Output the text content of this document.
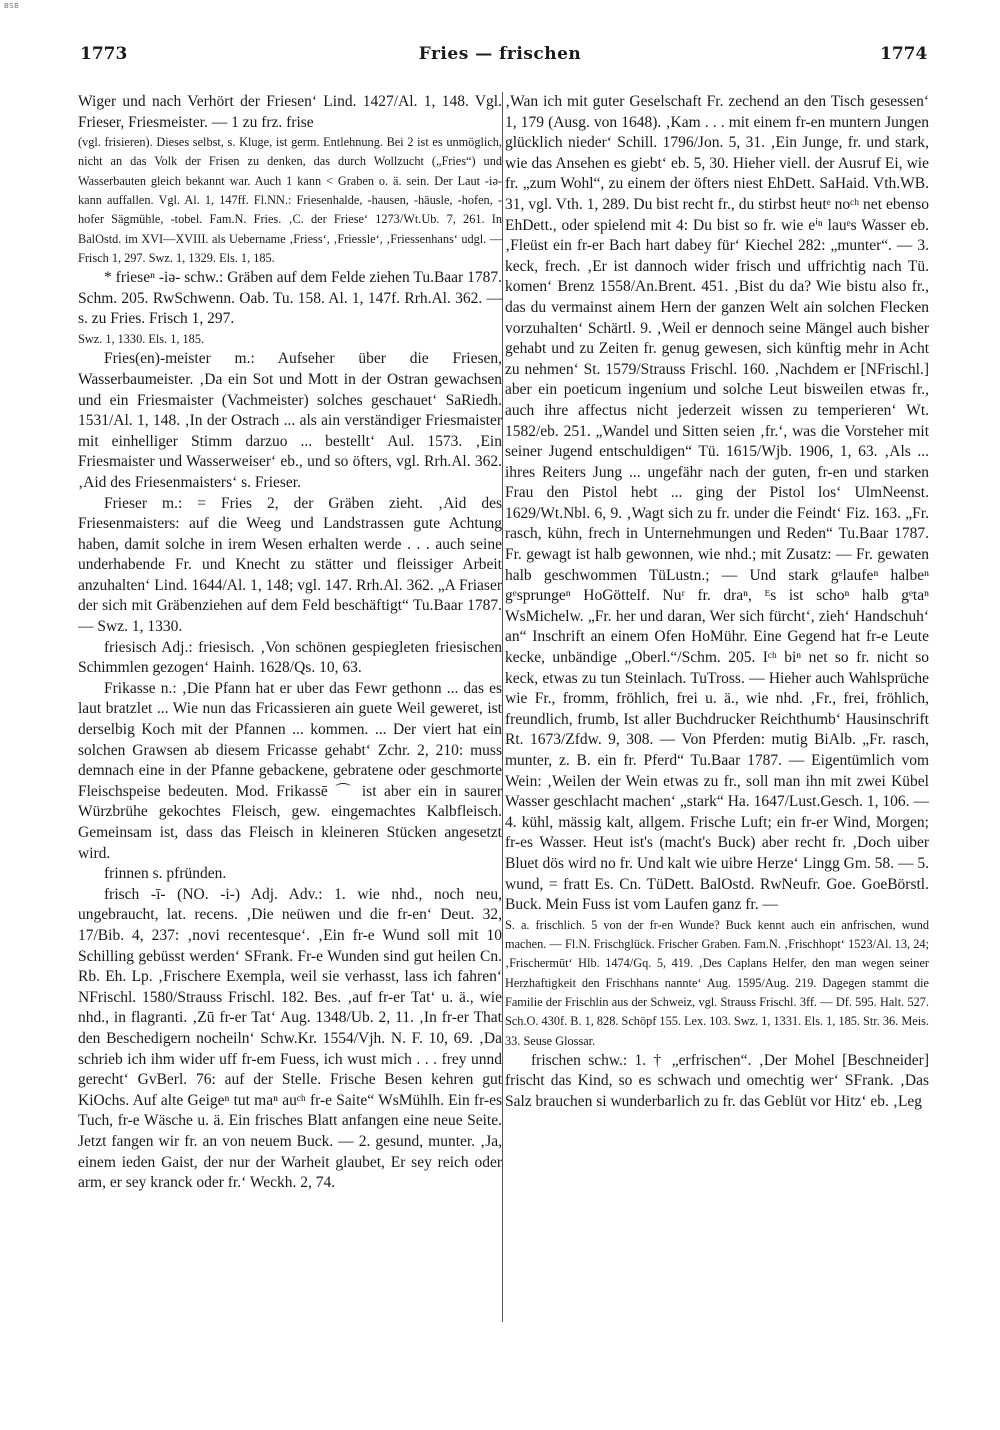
BSB
1773	Fries — frischen	1774

Wiger und nach Verhört der Friesen‘ Lind. 1427/Al. 1, 148. Vgl. Frieser, Friesmeister. — 1 zu frz. frise

(vgl. frisieren). Dieses selbst, s. Kluge, ist germ. Entlehnung. Bei 2 ist es unmöglich, nicht an das Volk der Frisen zu denken, das durch Wollzucht („Fries“) und Wasserbauten gleich bekannt war. Auch 1 kann < Graben o. ä. sein. Der Laut -iə- kann auffallen. Vgl. Al. 1, 147ff. Fl.NN.: Friesenhalde, -hausen, -häusle, -hofen, -hofer Sägmühle, -tobel. Fam.N. Fries. ‚C. der Friese‘ 1273/Wt.Ub. 7, 261. In BalOstd. im XVI—XVIII. als Uebername ‚Friess‘, ‚Friessle‘, ‚Friessenhans‘ udgl. — Frisch 1, 297. Swz. 1, 1329. Els. 1, 185.

* frieseⁿ -iə- schw.: Gräben auf dem Felde ziehen Tu.Baar 1787. Schm. 205. RwSchwenn. Oab. Tu. 158. Al. 1, 147f. Rrh.Al. 362. — s. zu Fries. Frisch 1, 297.

Swz. 1, 1330. Els. 1, 185.

Fries(en)-meister m.: Aufseher über die Friesen, Wasserbaumeister. ‚Da ein Sot und Mott in der Ostran gewachsen und ein Friesmaister (Vachmeister) solches geschauet‘ SaRiedh. 1531/Al. 1, 148. ‚In der Ostrach ... als ain verständiger Friesmaister mit einhelliger Stimm darzuo ... bestellt‘ Aul. 1573. ‚Ein Friesmaister und Wasserweiser‘ eb., und so öfters, vgl. Rrh.Al. 362. ‚Aid des Friesenmaisters‘ s. Frieser.

Frieser m.: = Fries 2, der Gräben zieht. ‚Aid des Friesenmaisters: auf die Weeg und Landstrassen gute Achtung haben, damit solche in irem Wesen erhalten werde . . . auch seine underhabende Fr. und Knecht zu stätter und fleissiger Arbeit anzuhalten‘ Lind. 1644/Al. 1, 148; vgl. 147. Rrh.Al. 362. „A Friaser der sich mit Gräbenziehen auf dem Feld beschäftigt“ Tu.Baar 1787. — Swz. 1, 1330.

friesisch Adj.: friesisch. ‚Von schönen gespiegleten friesischen Schimmlen gezogen‘ Hainh. 1628/Qs. 10, 63.

Frikasse n.: ‚Die Pfann hat er uber das Fewr gethonn ... das es laut bratzlet ... Wie nun das Fricassieren ain guete Weil geweret, ist derselbig Koch mit der Pfannen ... kommen. ... Der viert hat ein solchen Grawsen ab diesem Fricasse gehabt‘ Zchr. 2, 210: muss demnach eine in der Pfanne gebackene, gebratene oder geschmorte Fleischspeise bedeuten. Mod. Frikassē ⌒ ist aber ein in saurer Würzbrühe gekochtes Fleisch, gew. eingemachtes Kalbfleisch. Gemeinsam ist, dass das Fleisch in kleineren Stücken angesetzt wird.

frinnen s. pfründen.

frisch -ī- (NO. -i-) Adj. Adv.: 1. wie nhd., noch neu, ungebraucht, lat. recens. ‚Die neüwen und die fr-en‘ Deut. 32, 17/Bib. 4, 237: ‚novi recentesque‘. ‚Ein fr-e Wund soll mit 10 Schilling gebüsst werden‘ SFrank. Fr-e Wunden sind gut heilen Cn. Rb. Eh. Lp. ‚Frischere Exempla, weil sie verhasst, lass ich fahren‘ NFrischl. 1580/Strauss Frischl. 182. Bes. ‚auf fr-er Tat‘ u. ä., wie nhd., in flagranti. ‚Zū fr-er Tat‘ Aug. 1348/Ub. 2, 11. ‚In fr-er That den Beschedigern nocheiln‘ Schw.Kr. 1554/Vjh. N. F. 10, 69. ‚Da schrieb ich ihm wider uff fr-em Fuess, ich wust mich . . . frey unnd gerecht‘ GvBerl. 76: auf der Stelle. Frische Besen kehren gut KiOchs. Auf alte Geigeⁿ tut maⁿ auᶜʰ fr-e Saite“ WsMühlh. Ein fr-es Tuch, fr-e Wäsche u. ä. Ein frisches Blatt anfangen eine neue Seite. Jetzt fangen wir fr. an von neuem Buck. — 2. gesund, munter. ‚Ja, einem ieden Gaist, der nur der Warheit glaubet, Er sey reich oder arm, er sey kranck oder fr.‘ Weckh. 2, 74.

‚Wan ich mit guter Geselschaft Fr. zechend an den Tisch gesessen‘ 1, 179 (Ausg. von 1648). ‚Kam . . . mit einem fr-en muntern Jungen glücklich nieder‘ Schill. 1796/Jon. 5, 31. ‚Ein Junge, fr. und stark, wie das Ansehen es giebt‘ eb. 5, 30. Hieher viell. der Ausruf Ei, wie fr. „zum Wohl“, zu einem der öfters niest EhDett. SaHaid. Vth.WB. 31, vgl. Vth. 1, 289. Du bist recht fr., du stirbst heutᵉ noᶜʰ net ebenso EhDett., oder spielend mit 4: Du bist so fr. wie eⁱⁿ lauᵉs Wasser eb. ‚Fleüst ein fr-er Bach hart dabey für‘ Kiechel 282: „munter“. — 3. keck, frech. ‚Er ist dannoch wider frisch und uffrichtig nach Tü. komen‘ Brenz 1558/An.Brent. 451. ‚Bist du da? Wie bistu also fr., das du vermainst ainem Hern der ganzen Welt ain solchen Flecken vorzuhalten‘ Schärtl. 9. ‚Weil er dennoch seine Mängel auch bisher gehabt und zu Zeiten fr. genug gewesen, sich künftig mehr in Acht zu nehmen‘ St. 1579/Strauss Frischl. 160. ‚Nachdem er [NFrischl.] aber ein poeticum ingenium und solche Leut bisweilen etwas fr., auch ihre affectus nicht jederzeit wissen zu temperieren‘ Wt. 1582/eb. 251. „Wandel und Sitten seien ‚fr.‘, was die Vorsteher mit seiner Jugend entschuldigen“ Tü. 1615/Wjb. 1906, 1, 63. ‚Als ... ihres Reiters Jung ... ungefähr nach der guten, fr-en und starken Frau den Pistol hebt ... ging der Pistol los‘ UlmNeenst. 1629/Wt.Nbl. 6, 9. ‚Wagt sich zu fr. under die Feindt‘ Fiz. 163. „Fr. rasch, kühn, frech in Unternehmungen und Reden“ Tu.Baar 1787. Fr. gewagt ist halb gewonnen, wie nhd.; mit Zusatz: — Fr. gewaten halb geschwommen TüLustn.; — Und stark gᵉlaufeⁿ halbeⁿ gᵉsprungeⁿ HoGöttelf. Nuʳ fr. draⁿ, ᴱs ist schoⁿ halb gᵉtaⁿ WsMichelw. „Fr. her und daran, Wer sich fürcht‘, zieh‘ Handschuh‘ an“ Inschrift an einem Ofen HoMühr. Eine Gegend hat fr-e Leute kecke, unbändige „Oberl.“/Schm. 205. Iᶜʰ biⁿ net so fr. nicht so keck, etwas zu tun Steinlach. TuTross. — Hieher auch Wahlsprüche wie Fr., fromm, fröhlich, frei u. ä., wie nhd. ‚Fr., frei, fröhlich, freundlich, frumb, Ist aller Buchdrucker Reichthumb‘ Hausinschrift Rt. 1673/Zfdw. 9, 308. — Von Pferden: mutig BiAlb. „Fr. rasch, munter, z. B. ein fr. Pferd“ Tu.Baar 1787. — Eigentümlich vom Wein: ‚Weilen der Wein etwas zu fr., soll man ihn mit zwei Kübel Wasser geschlacht machen‘ „stark“ Ha. 1647/Lust.Gesch. 1, 106. — 4. kühl, mässig kalt, allgem. Frische Luft; ein fr-er Wind, Morgen; fr-es Wasser. Heut ist's (macht's Buck) aber recht fr. ‚Doch uiber Bluet dös wird no fr. Und kalt wie uibre Herze‘ Lingg Gm. 58. — 5. wund, = fratt Es. Cn. TüDett. BalOstd. RwNeufr. Goe. GoeBörstl. Buck. Mein Fuss ist vom Laufen ganz fr. —

S. a. frischlich. 5 von der fr-en Wunde? Buck kennt auch ein anfrischen, wund machen. — Fl.N. Frischglück. Frischer Graben. Fam.N. ‚Frischhopt‘ 1523/Al. 13, 24; ‚Frischermūt‘ Hlb. 1474/Gq. 5, 419. ‚Des Caplans Helfer, den man wegen seiner Herzhaftigkeit den Frischhans nannte‘ Aug. 1595/Aug. 219. Dagegen stammt die Familie der Frischlin aus der Schweiz, vgl. Strauss Frischl. 3ff. — Df. 595. Halt. 527. Sch.O. 430f. B. 1, 828. Schöpf 155. Lex. 103. Swz. 1, 1331. Els. 1, 185. Str. 36. Meis. 33. Seuse Glossar.

frischen schw.: 1. † „erfrischen“. ‚Der Mohel [Beschneider] frischt das Kind, so es schwach und omechtig wer‘ SFrank. ‚Das Salz brauchen si wunderbarlich zu fr. das Geblüt vor Hitz‘ eb. ‚Leg
